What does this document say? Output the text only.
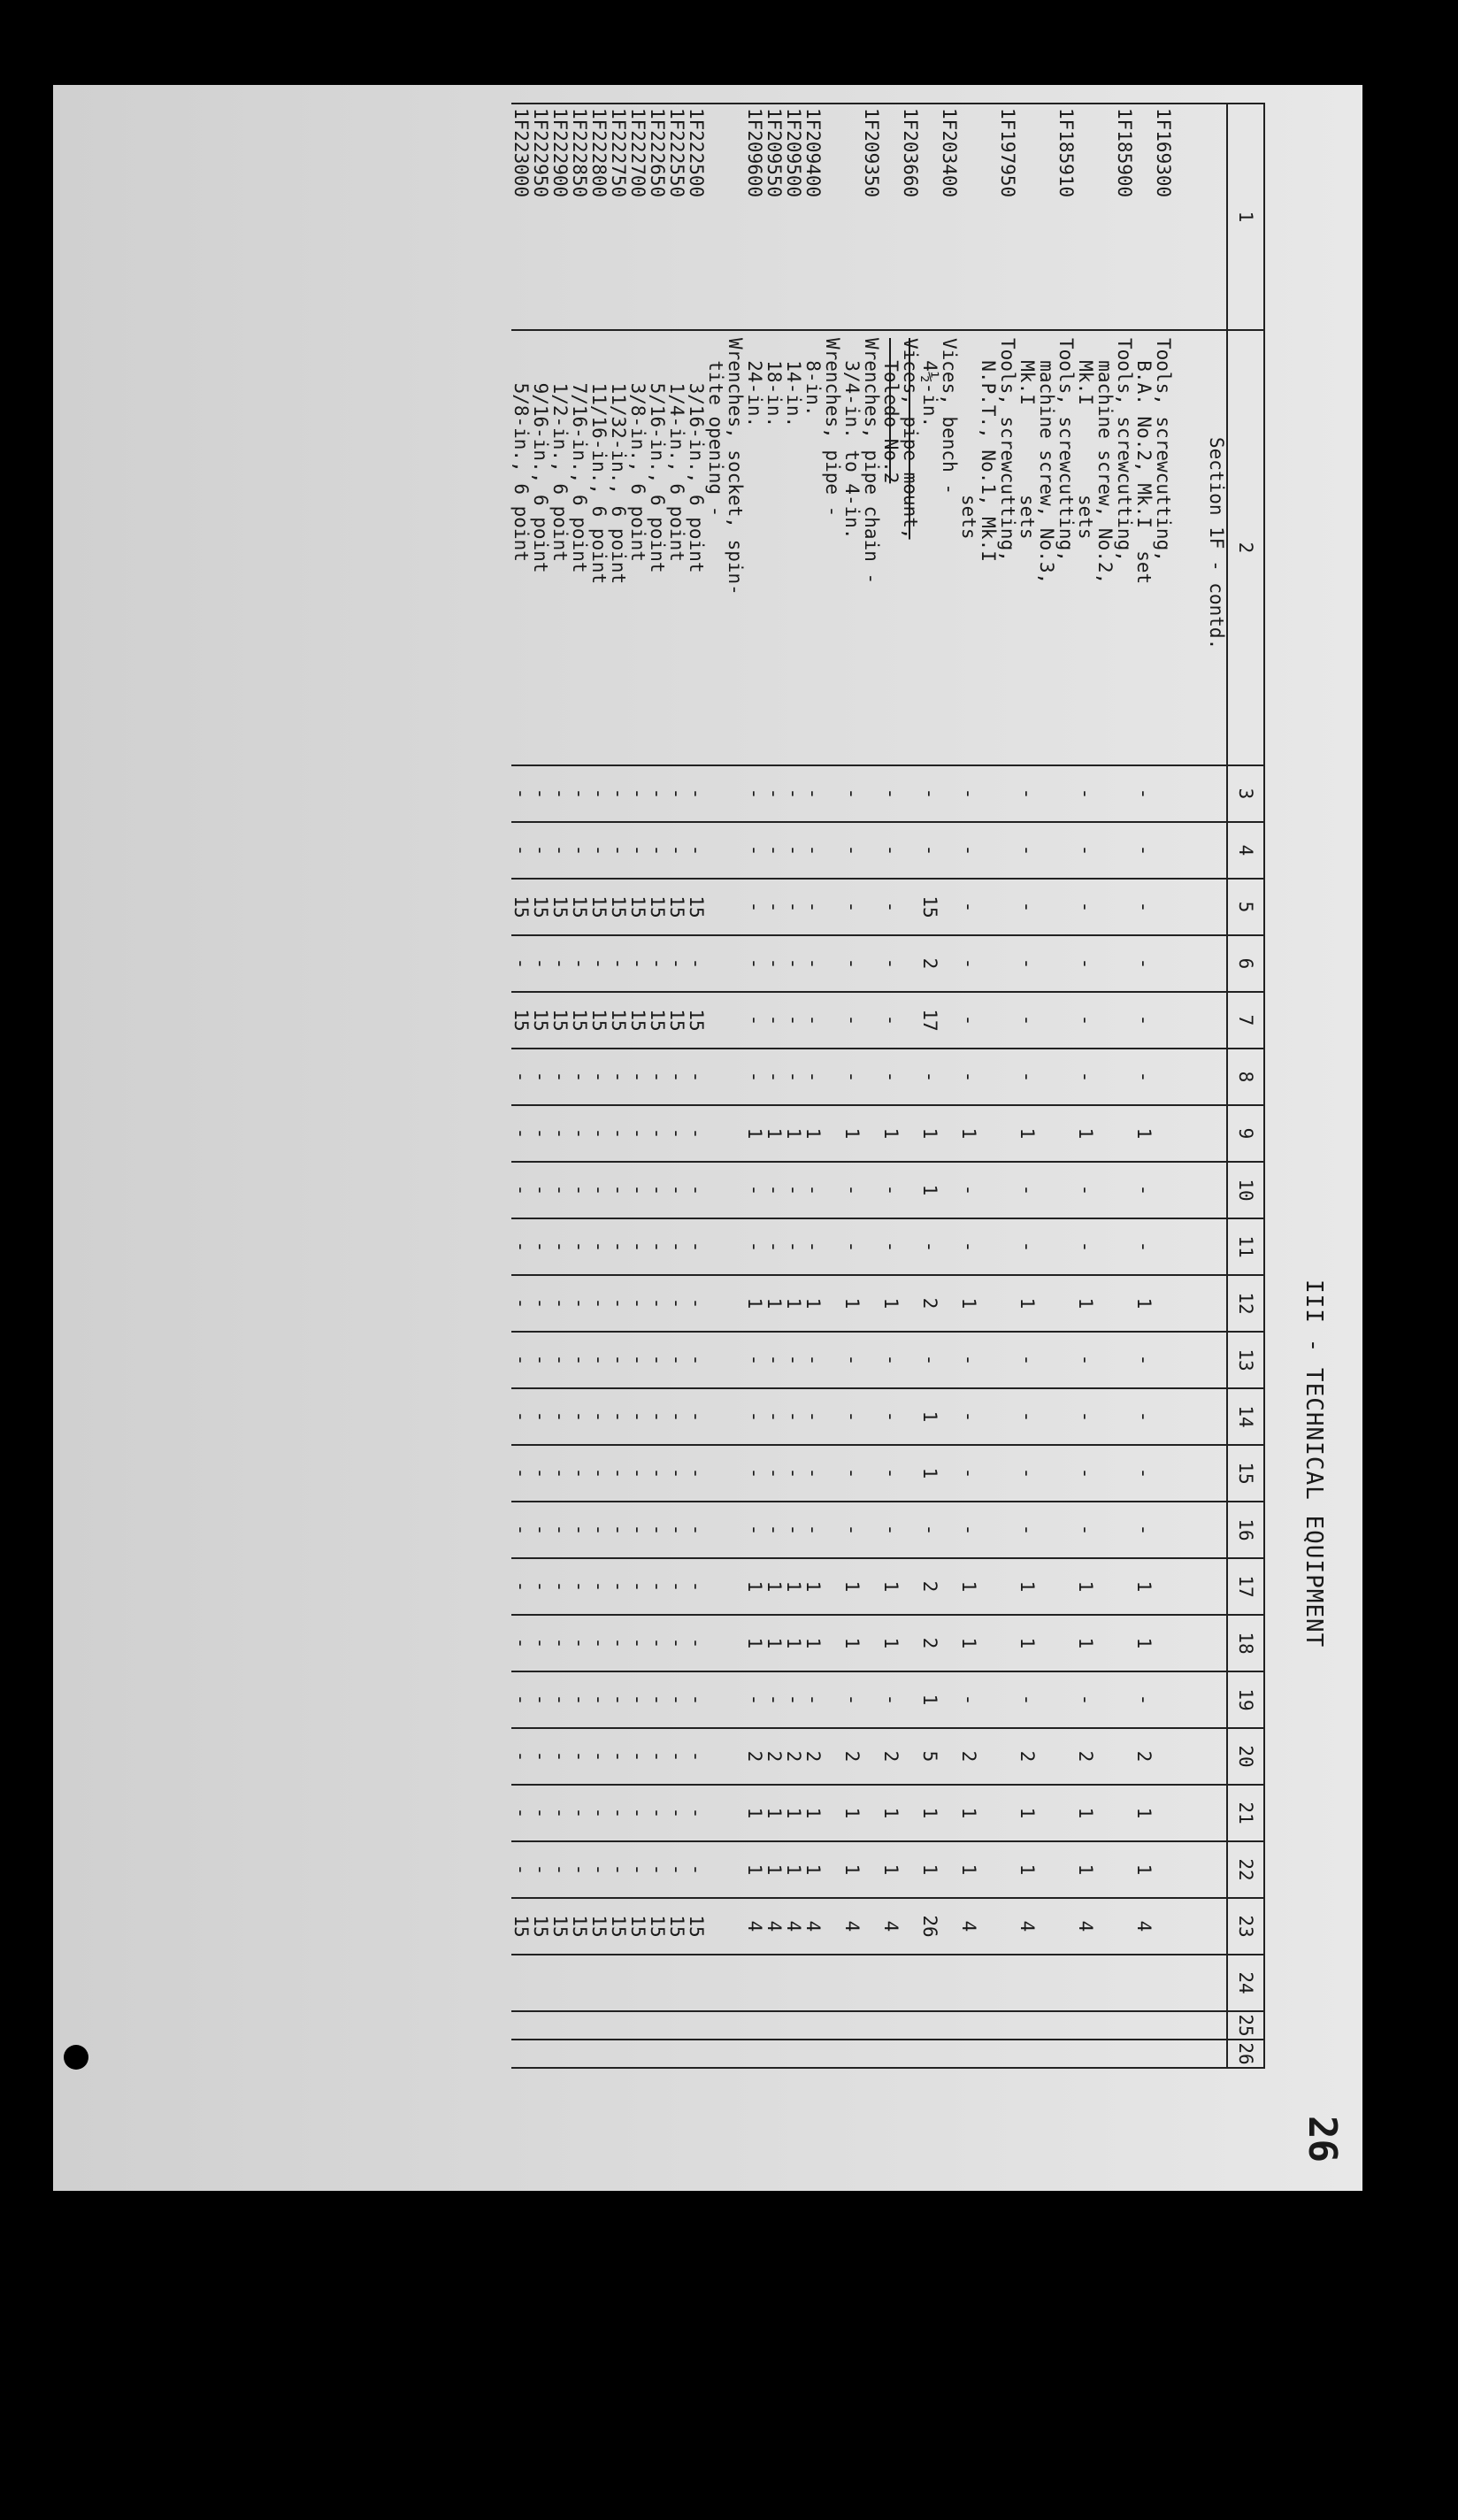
III - TECHNICAL EQUIPMENT
26
1	2	3	4	5	6	7	8	9	10	11	12	13	14	15	16	17	18	19	20	21	22	23	24	25	26
	Section 1F - contd.																								
1F169300	Tools, screwcutting,																								
	B.A. No.2, Mk.I  set	-	-	-	-	-	-	1	-	-	1	-	-	-	-	1	1	-	2	1	1	4			
1F185900	Tools, screwcutting,																								
	machine screw, No.2,																								
	Mk.I        sets	-	-	-	-	-	-	1	-	-	1	-	-	-	-	1	1	-	2	1	1	4			
1F185910	Tools, screwcutting,																								
	machine screw, No.3,																								
	Mk.I        sets	-	-	-	-	-	-	1	-	-	1	-	-	-	-	1	1	-	2	1	1	4			
1F197950	Tools, screwcutting,																								
	N.P.T., No.1, Mk.I																								
	sets	-	-	-	-	-	-	1	-	-	1	-	-	-	-	1	1	-	2	1	1	4			
1F203400	Vices, bench -																								
	4½-in.	-	-	15	2	17	-	1	1	-	2	-	1	1	-	2	2	1	5	1	1	26			
1F203660	Vices, pipe mount,																								
	Toledo No.2	-	-	-	-	-	-	1	-	-	1	-	-	-	-	1	1	-	2	1	1	4			
1F209350	Wrenches, pipe chain -																								
	3/4-in. to 4-in.	-	-	-	-	-	-	1	-	-	1	-	-	-	-	1	1	-	2	1	1	4			
	Wrenches, pipe -																								
1F209400	8-in.	-	-	-	-	-	-	1	-	-	1	-	-	-	-	1	1	-	2	1	1	4			
1F209500	14-in.	-	-	-	-	-	-	1	-	-	1	-	-	-	-	1	1	-	2	1	1	4			
1F209550	18-in.	-	-	-	-	-	-	1	-	-	1	-	-	-	-	1	1	-	2	1	1	4			
1F209600	24-in.	-	-	-	-	-	-	1	-	-	1	-	-	-	-	1	1	-	2	1	1	4			
	Wrenches, socket, spin-																								
	tite opening -																								
1F222500	3/16-in., 6 point	-	-	15	-	15	-	-	-	-	-	-	-	-	-	-	-	-	-	-	-	15			
1F222550	1/4-in., 6 point	-	-	15	-	15	-	-	-	-	-	-	-	-	-	-	-	-	-	-	-	15			
1F222650	5/16-in., 6 point	-	-	15	-	15	-	-	-	-	-	-	-	-	-	-	-	-	-	-	-	15			
1F222700	3/8-in., 6 point	-	-	15	-	15	-	-	-	-	-	-	-	-	-	-	-	-	-	-	-	15			
1F222750	11/32-in., 6 point	-	-	15	-	15	-	-	-	-	-	-	-	-	-	-	-	-	-	-	-	15			
1F222800	11/16-in., 6 point	-	-	15	-	15	-	-	-	-	-	-	-	-	-	-	-	-	-	-	-	15			
1F222850	7/16-in., 6 point	-	-	15	-	15	-	-	-	-	-	-	-	-	-	-	-	-	-	-	-	15			
1F222900	1/2-in., 6 point	-	-	15	-	15	-	-	-	-	-	-	-	-	-	-	-	-	-	-	-	15			
1F222950	9/16-in., 6 point	-	-	15	-	15	-	-	-	-	-	-	-	-	-	-	-	-	-	-	-	15			
1F223000	5/8-in., 6 point	-	-	15	-	15	-	-	-	-	-	-	-	-	-	-	-	-	-	-	-	15			
